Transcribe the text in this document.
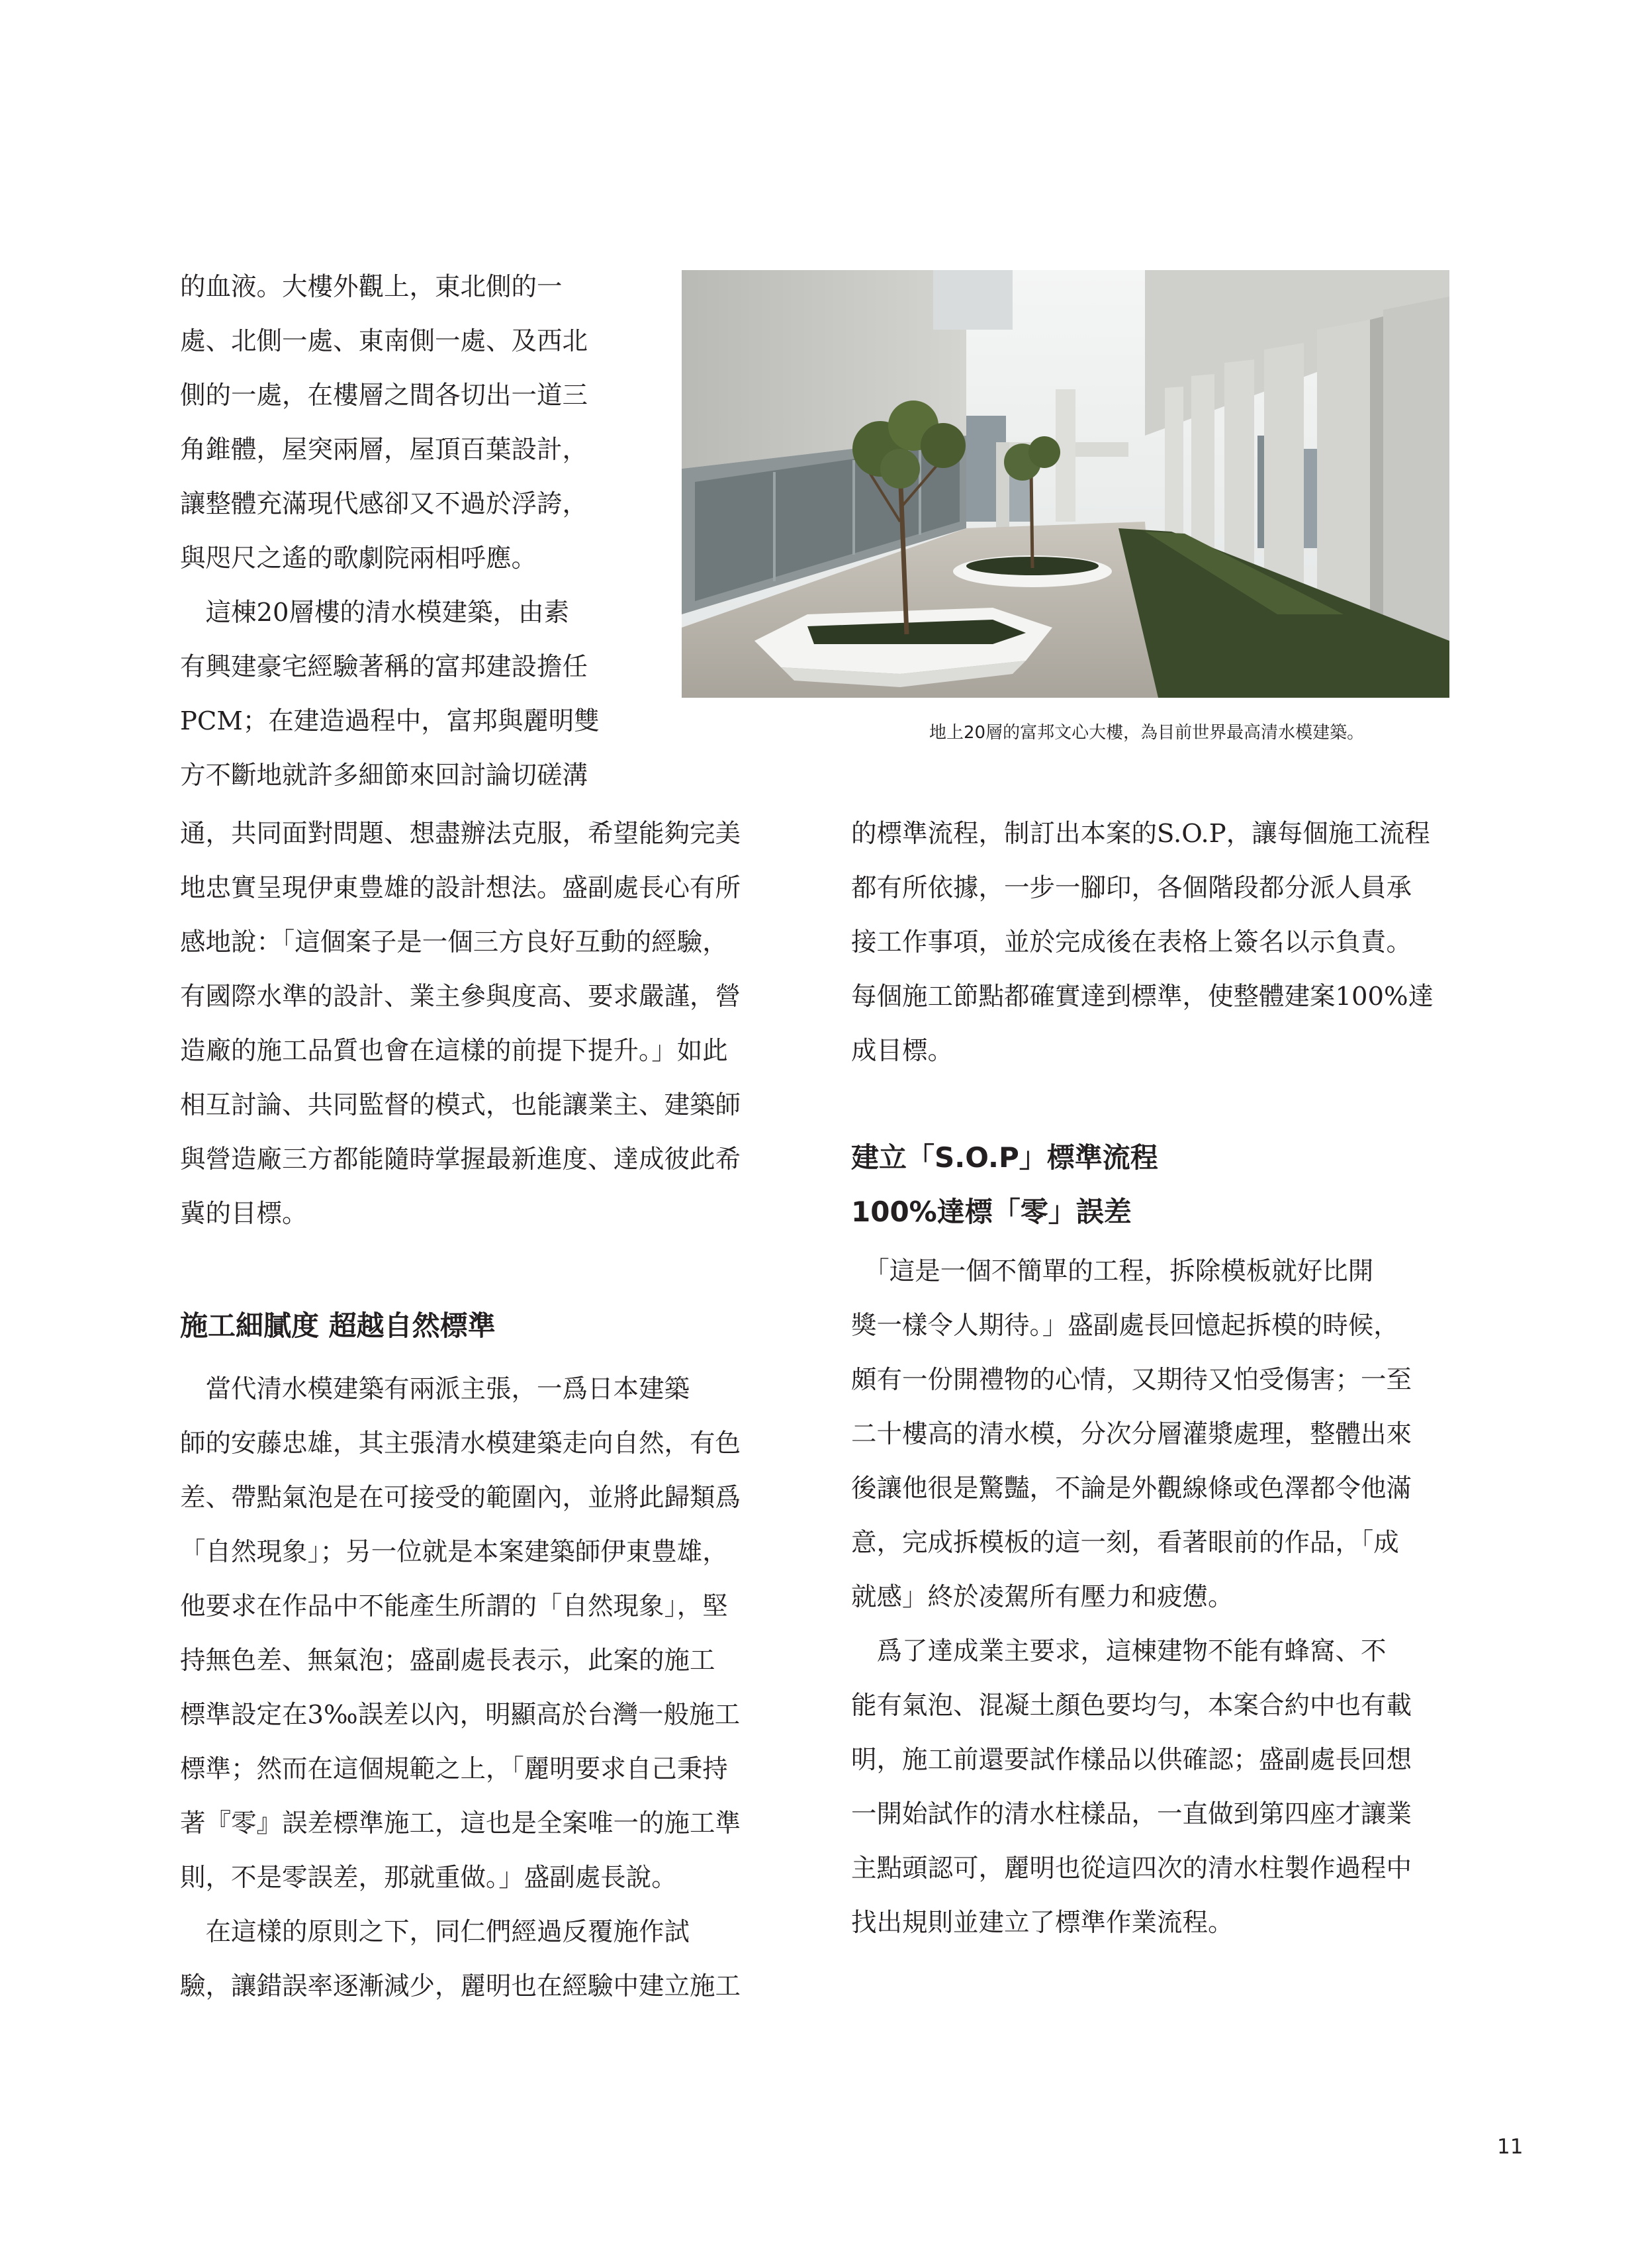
的血液。大樓外觀上，東北側的一
處、北側一處、東南側一處、及西北
側的一處，在樓層之間各切出一道三
角錐體，屋突兩層，屋頂百葉設計，
讓整體充滿現代感卻又不過於浮誇，
與咫尺之遙的歌劇院兩相呼應。
　這棟20層樓的清水模建築，由素
有興建豪宅經驗著稱的富邦建設擔任
PCM；在建造過程中，富邦與麗明雙
方不斷地就許多細節來回討論切磋溝
通，共同面對問題、想盡辦法克服，希望能夠完美
地忠實呈現伊東豊雄的設計想法。盛副處長心有所
感地說：「這個案子是一個三方良好互動的經驗，
有國際水準的設計、業主參與度高、要求嚴謹，營
造廠的施工品質也會在這樣的前提下提升。」如此
相互討論、共同監督的模式，也能讓業主、建築師
與營造廠三方都能隨時掌握最新進度、達成彼此希
冀的目標。
施工細膩度 超越自然標準
　當代清水模建築有兩派主張，一爲日本建築
師的安藤忠雄，其主張清水模建築走向自然，有色
差、帶點氣泡是在可接受的範圍內，並將此歸類爲
「自然現象」；另一位就是本案建築師伊東豊雄，
他要求在作品中不能產生所謂的「自然現象」，堅
持無色差、無氣泡；盛副處長表示，此案的施工
標準設定在3‰誤差以內，明顯高於台灣一般施工
標準；然而在這個規範之上，「麗明要求自己秉持
著『零』誤差標準施工，這也是全案唯一的施工準
則，不是零誤差，那就重做。」盛副處長說。
　在這樣的原則之下，同仁們經過反覆施作試
驗，讓錯誤率逐漸減少，麗明也在經驗中建立施工
地上20層的富邦文心大樓，為目前世界最高清水模建築。
的標準流程，制訂出本案的S.O.P，讓每個施工流程
都有所依據，一步一腳印，各個階段都分派人員承
接工作事項，並於完成後在表格上簽名以示負責。
每個施工節點都確實達到標準，使整體建案100%達
成目標。
建立「S.O.P」標準流程
100%達標「零」誤差
　「這是一個不簡單的工程，拆除模板就好比開
獎一樣令人期待。」盛副處長回憶起拆模的時候，
頗有一份開禮物的心情，又期待又怕受傷害；一至
二十樓高的清水模，分次分層灌漿處理，整體出來
後讓他很是驚豔，不論是外觀線條或色澤都令他滿
意，完成拆模板的這一刻，看著眼前的作品，「成
就感」終於凌駕所有壓力和疲憊。
　爲了達成業主要求，這棟建物不能有蜂窩、不
能有氣泡、混凝土顏色要均勻，本案合約中也有載
明，施工前還要試作樣品以供確認；盛副處長回想
一開始試作的清水柱樣品，一直做到第四座才讓業
主點頭認可，麗明也從這四次的清水柱製作過程中
找出規則並建立了標準作業流程。
11
